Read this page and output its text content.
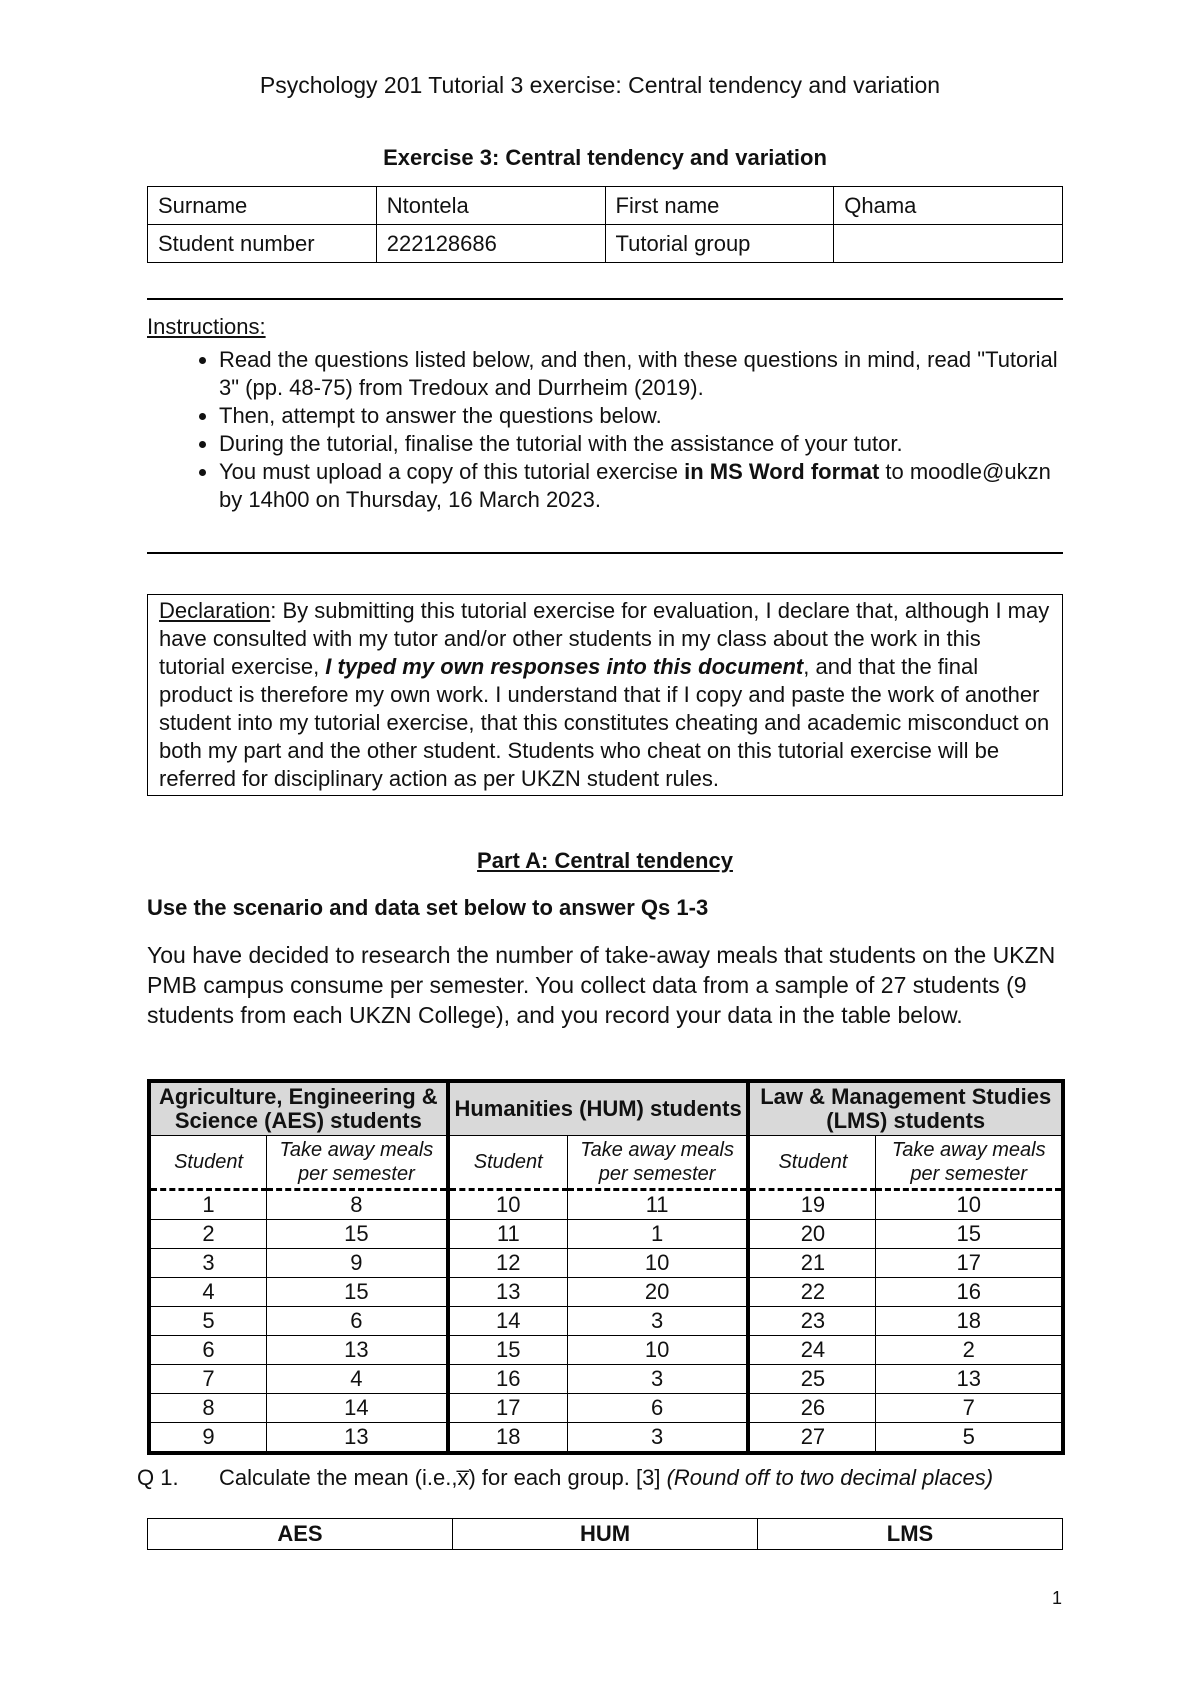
Psychology 201 Tutorial 3 exercise: Central tendency and variation
Exercise 3: Central tendency and variation
Surname	Ntontela	First name	Qhama
Student number	222128686	Tutorial group	
Instructions:
• Read the questions listed below, and then, with these questions in mind, read "Tutorial 3" (pp. 48-75) from Tredoux and Durrheim (2019).
• Then, attempt to answer the questions below.
• During the tutorial, finalise the tutorial with the assistance of your tutor.
• You must upload a copy of this tutorial exercise in MS Word format to moodle@ukzn by 14h00 on Thursday, 16 March 2023.
Declaration: By submitting this tutorial exercise for evaluation, I declare that, although I may have consulted with my tutor and/or other students in my class about the work in this tutorial exercise, I typed my own responses into this document, and that the final product is therefore my own work. I understand that if I copy and paste the work of another student into my tutorial exercise, that this constitutes cheating and academic misconduct on both my part and the other student. Students who cheat on this tutorial exercise will be referred for disciplinary action as per UKZN student rules.
Part A: Central tendency
Use the scenario and data set below to answer Qs 1-3
You have decided to research the number of take-away meals that students on the UKZN PMB campus consume per semester. You collect data from a sample of 27 students (9 students from each UKZN College), and you record your data in the table below.
Agriculture, Engineering & Science (AES) students		Humanities (HUM) students		Law & Management Studies (LMS) students	
Student	Take away meals per semester	Student	Take away meals per semester	Student	Take away meals per semester
1	8	10	11	19	10
2	15	11	1	20	15
3	9	12	10	21	17
4	15	13	20	22	16
5	6	14	3	23	18
6	13	15	10	24	2
7	4	16	3	25	13
8	14	17	6	26	7
9	13	18	3	27	5
Q 1. Calculate the mean (i.e.,x̅) for each group. [3] (Round off to two decimal places)
AES	HUM	LMS
1
